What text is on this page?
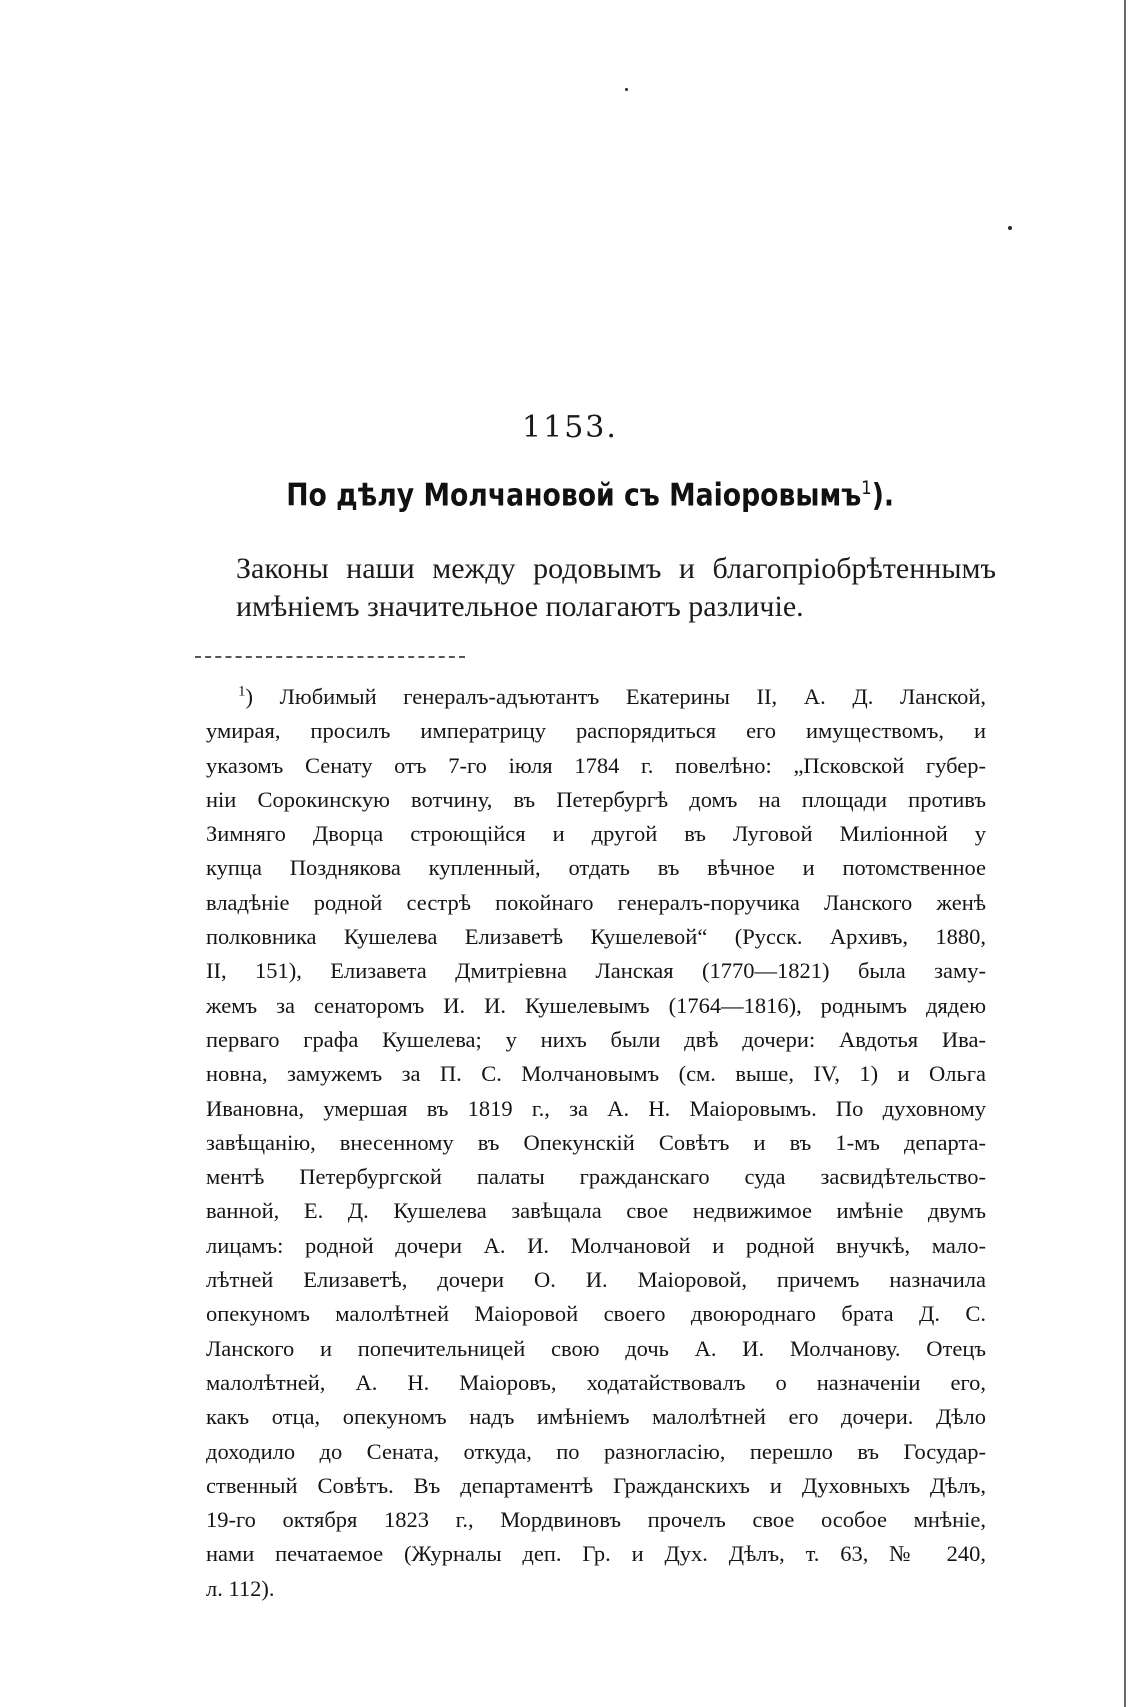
1153.
По дѣлу Молчановой съ Маіоровымъ$^1$).
Законы наши между родовымъ и благопріобрѣтеннымъ
имѣніемъ значительное полагаютъ различіе.
$^1$) Любимый генералъ-адъютантъ Екатерины II, А. Д. Ланской,
умирая, просилъ императрицу распорядиться его имуществомъ, и
указомъ Сенату отъ 7-го іюля 1784 г. повелѣно: „Псковской губер-
ніи Сорокинскую вотчину, въ Петербургѣ домъ на площади противъ
Зимняго Дворца строющійся и другой въ Луговой Миліонной у
купца Позднякова купленный, отдать въ вѣчное и потомственное
владѣніе родной сестрѣ покойнаго генералъ-поручика Ланского женѣ
полковника Кушелева Елизаветѣ Кушелевой“ (Русск. Архивъ, 1880,
II, 151), Елизавета Дмитріевна Ланская (1770—1821) была заму-
жемъ за сенаторомъ И. И. Кушелевымъ (1764—1816), роднымъ дядею
перваго графа Кушелева; у нихъ были двѣ дочери: Авдотья Ива-
новна, замужемъ за П. С. Молчановымъ (см. выше, IV, 1) и Ольга
Ивановна, умершая въ 1819 г., за А. Н. Маіоровымъ. По духовному
завѣщанію, внесенному въ Опекунскій Совѣтъ и въ 1-мъ департа-
ментѣ Петербургской палаты гражданскаго суда засвидѣтельство-
ванной, Е. Д. Кушелева завѣщала свое недвижимое имѣніе двумъ
лицамъ: родной дочери А. И. Молчановой и родной внучкѣ, мало-
лѣтней Елизаветѣ, дочери О. И. Маіоровой, причемъ назначила
опекуномъ малолѣтней Маіоровой своего двоюроднаго брата Д. С.
Ланского и попечительницей свою дочь А. И. Молчанову. Отецъ
малолѣтней, А. Н. Маіоровъ, ходатайствовалъ о назначеніи его,
какъ отца, опекуномъ надъ имѣніемъ малолѣтней его дочери. Дѣло
доходило до Сената, откуда, по разногласію, перешло въ Государ-
ственный Совѣтъ. Въ департаментѣ Гражданскихъ и Духовныхъ Дѣлъ,
19-го октября 1823 г., Мордвиновъ прочелъ свое особое мнѣніе,
нами печатаемое (Журналы деп. Гр. и Дух. Дѣлъ, т. 63, № 240,
л. 112).
